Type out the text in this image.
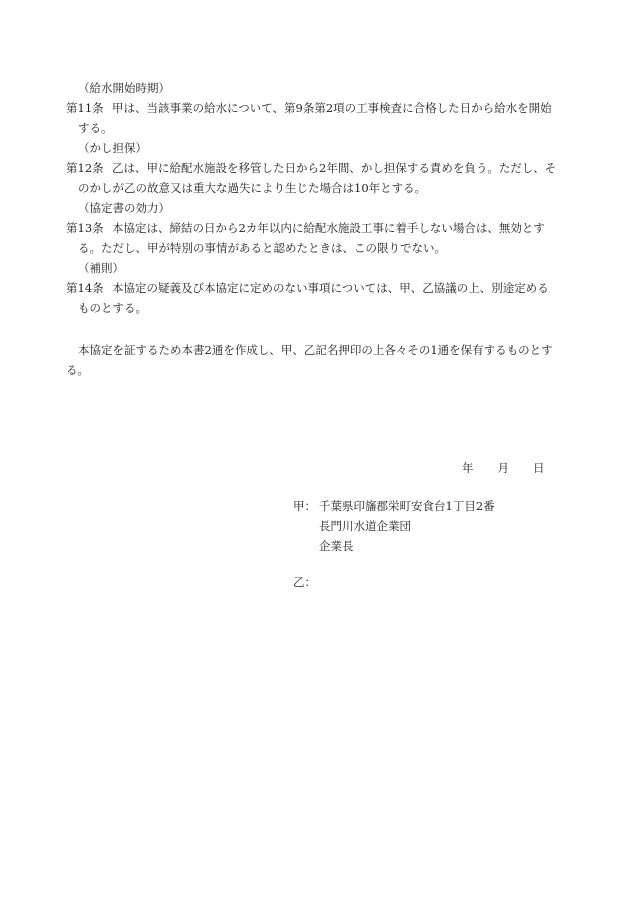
（給水開始時期）
第11条 甲は、当該事業の給水について、第9条第2項の工事検査に合格した日から給水を開始する。
（かし担保）
第12条 乙は、甲に給配水施設を移管した日から2年間、かし担保する責めを負う。ただし、そのかしが乙の故意又は重大な過失により生じた場合は10年とする。
（協定書の効力）
第13条 本協定は、締結の日から2カ年以内に給配水施設工事に着手しない場合は、無効とする。ただし、甲が特別の事情があると認めたときは、この限りでない。
（補則）
第14条 本協定の疑義及び本協定に定めのない事項については、甲、乙協議の上、別途定めるものとする。
本協定を証するため本書2通を作成し、甲、乙記名押印の上各々その1通を保有するものとする。
年 月 日
甲： 千葉県印旛郡栄町安食台1丁目2番
長門川水道企業団
企業長
乙：
